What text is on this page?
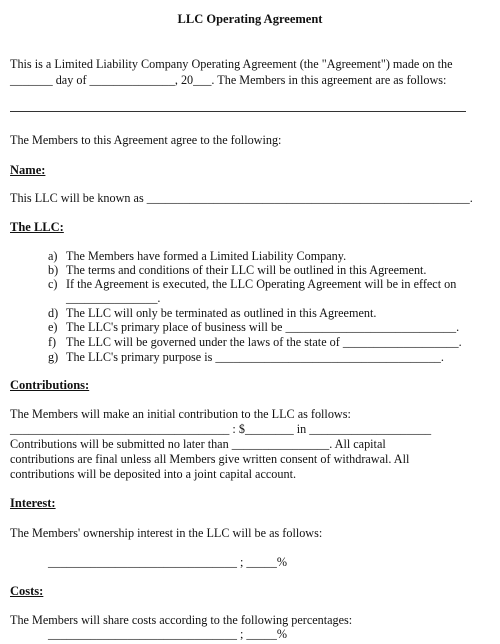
LLC Operating Agreement
This is a Limited Liability Company Operating Agreement (the "Agreement") made on the
_______ day of ______________, 20___. The Members in this agreement are as follows:
The Members to this Agreement agree to the following:
Name:
This LLC will be known as _____________________________________________________.
The LLC:
a) The Members have formed a Limited Liability Company.
b) The terms and conditions of their LLC will be outlined in this Agreement.
c) If the Agreement is executed, the LLC Operating Agreement will be in effect on
_______________.
d) The LLC will only be terminated as outlined in this Agreement.
e) The LLC's primary place of business will be ____________________________.
f) The LLC will be governed under the laws of the state of ___________________.
g) The LLC's primary purpose is _____________________________________.
Contributions:
The Members will make an initial contribution to the LLC as follows:
____________________________________ : $________ in ____________________
Contributions will be submitted no later than ________________. All capital
contributions are final unless all Members give written consent of withdrawal. All
contributions will be deposited into a joint capital account.
Interest:
The Members' ownership interest in the LLC will be as follows:
_______________________________ ; _____%
Costs:
The Members will share costs according to the following percentages:
_______________________________ ; _____%
